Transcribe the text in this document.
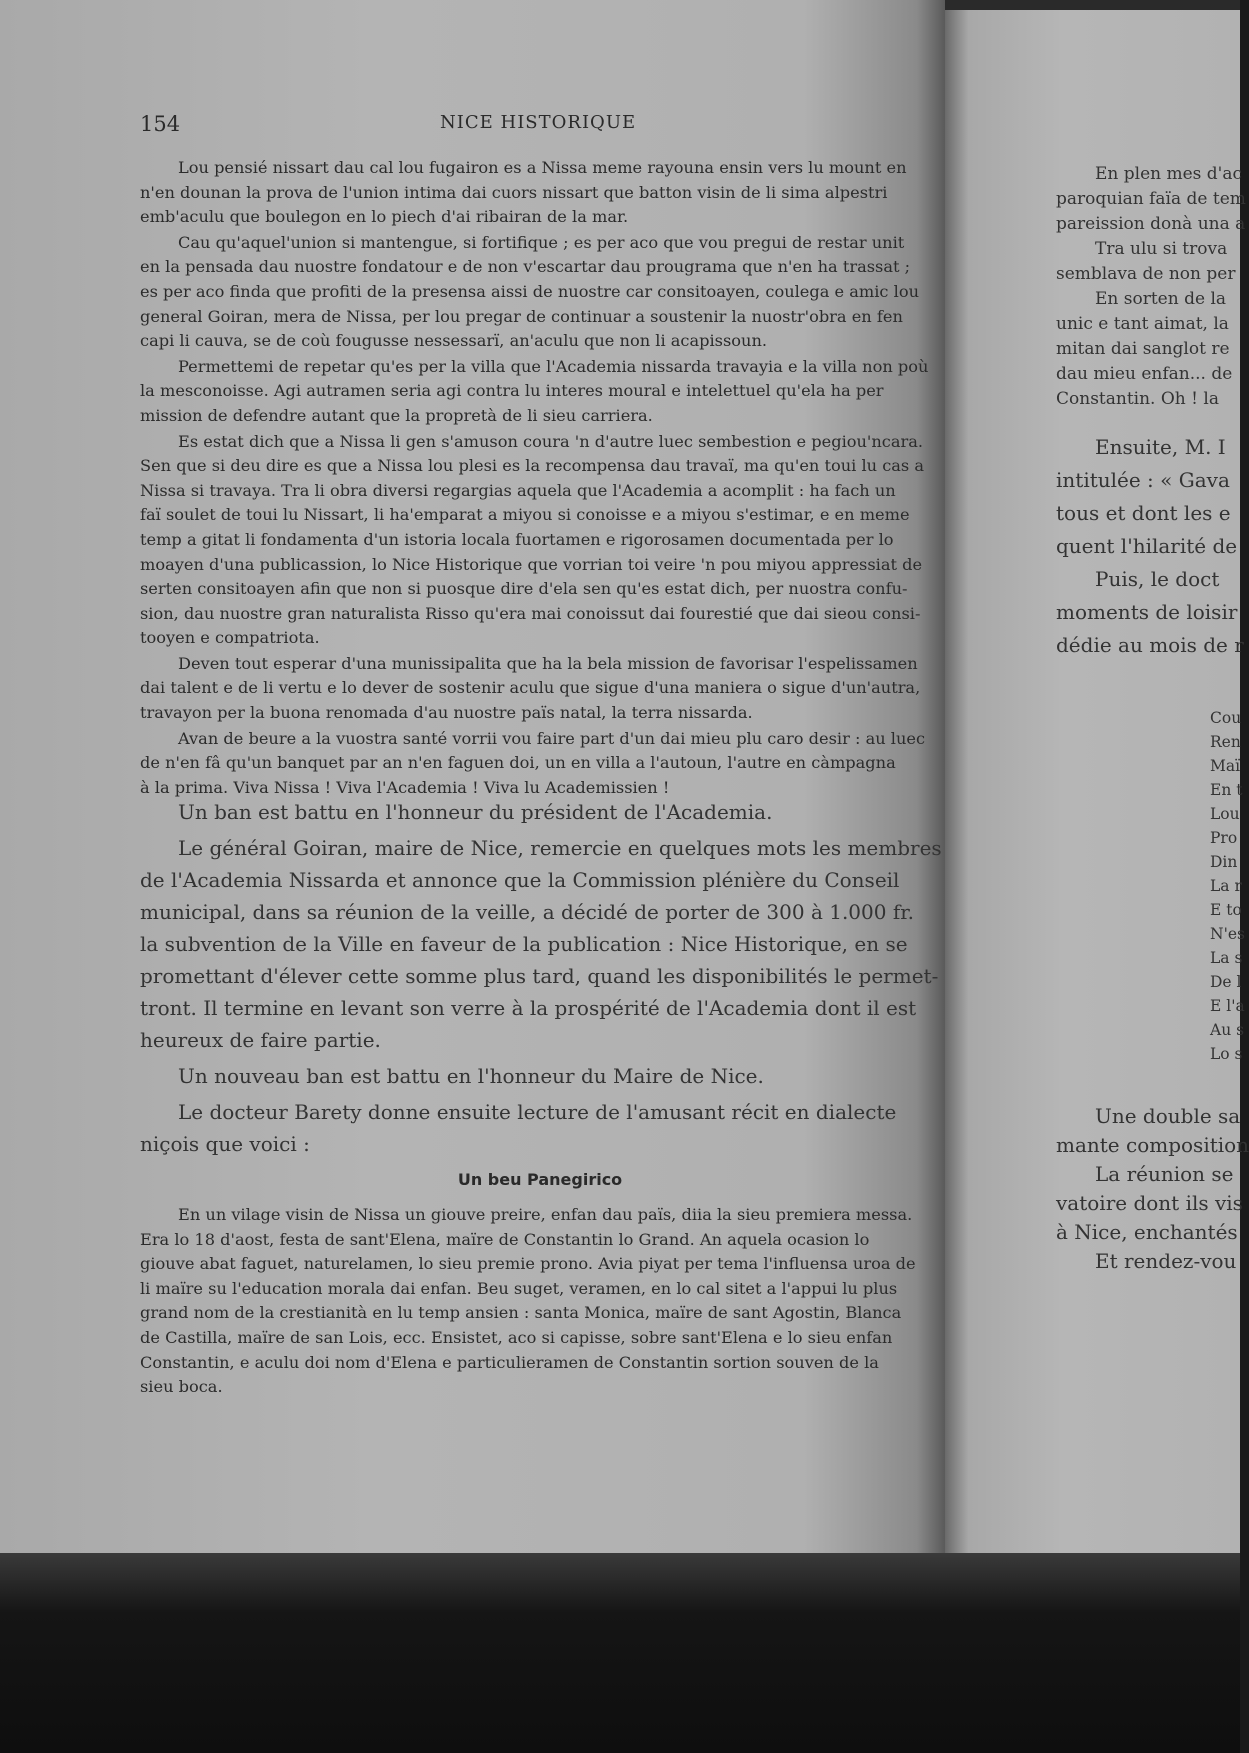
154	NICE HISTORIQUE

Lou pensié nissart dau cal lou fugairon es a Nissa meme rayouna ensin vers lu mount en
n'en dounan la prova de l'union intima dai cuors nissart que batton visin de li sima alpestri
emb'aculu que boulegon en lo piech d'ai ribairan de la mar.

Cau qu'aquel'union si mantengue, si fortifique ; es per aco que vou pregui de restar unit
en la pensada dau nuostre fondatour e de non v'escartar dau prougrama que n'en ha trassat ;
es per aco finda que profiti de la presensa aissi de nuostre car consitoayen, coulega e amic lou
general Goiran, mera de Nissa, per lou pregar de continuar a soustenir la nuostr'obra en fen
capi li cauva, se de coù fougusse nessessarï, an'aculu que non li acapissoun.

Permettemi de repetar qu'es per la villa que l'Academia nissarda travayia e la villa non poù
la mesconoisse. Agi autramen seria agi contra lu interes moural e intelettuel qu'ela ha per
mission de defendre autant que la propretà de li sieu carriera.

Es estat dich que a Nissa li gen s'amuson coura 'n d'autre luec sembestion e pegiou'ncara.
Sen que si deu dire es que a Nissa lou plesi es la recompensa dau travaï, ma qu'en toui lu cas a
Nissa si travaya. Tra li obra diversi regargias aquela que l'Academia a acomplit : ha fach un
faï soulet de toui lu Nissart, li ha'emparat a miyou si conoisse e a miyou s'estimar, e en meme
temp a gitat li fondamenta d'un istoria locala fuortamen e rigorosamen documentada per lo
moayen d'una publicassion, lo Nice Historique que vorrian toi veire 'n pou miyou appressiat de
serten consitoayen afin que non si puosque dire d'ela sen qu'es estat dich, per nuostra confu-
sion, dau nuostre gran naturalista Risso qu'era mai conoissut dai fourestié que dai sieou consi-
tooyen e compatriota.

Deven tout esperar d'una munissipalita que ha la bela mission de favorisar l'espelissamen
dai talent e de li vertu e lo dever de sostenir aculu que sigue d'una maniera o sigue d'un'autra,
travayon per la buona renomada d'au nuostre païs natal, la terra nissarda.

Avan de beure a la vuostra santé vorrii vou faire part d'un dai mieu plu caro desir : au luec
de n'en fâ qu'un banquet par an n'en faguen doi, un en villa a l'autoun, l'autre en càmpagna
à la prima. Viva Nissa ! Viva l'Academia ! Viva lu Academissien !

Un ban est battu en l'honneur du président de l'Academia.

Le général Goiran, maire de Nice, remercie en quelques mots les membres
de l'Academia Nissarda et annonce que la Commission plénière du Conseil
municipal, dans sa réunion de la veille, a décidé de porter de 300 à 1.000 fr.
la subvention de la Ville en faveur de la publication : Nice Historique, en se
promettant d'élever cette somme plus tard, quand les disponibilités le permet-
tront. Il termine en levant son verre à la prospérité de l'Academia dont il est
heureux de faire partie.

Un nouveau ban est battu en l'honneur du Maire de Nice.

Le docteur Barety donne ensuite lecture de l'amusant récit en dialecte
niçois que voici :

Un beu Panegirico

En un vilage visin de Nissa un giouve preire, enfan dau païs, diia la sieu premiera messa.
Era lo 18 d'aost, festa de sant'Elena, maïre de Constantin lo Grand. An aquela ocasion lo
giouve abat faguet, naturelamen, lo sieu premie prono. Avia piyat per tema l'influensa uroa de
li maïre su l'education morala dai enfan. Beu suget, veramen, en lo cal sitet a l'appui lu plus
grand nom de la crestianità en lu temp ansien : santa Monica, maïre de sant Agostin, Blanca
de Castilla, maïre de san Lois, ecc. Ensistet, aco si capisse, sobre sant'Elena e lo sieu enfan
Constantin, e aculu doi nom d'Elena e particulieramen de Constantin sortion souven de la
sieu boca.

En plen mes d'ac
paroquian faïa de tem
pareission donà una a
Tra ulu si trova
semblava de non per
En sorten de la
unic e tant aimat, la
mitan dai sanglot re
dau mieu enfan... de
Constantin. Oh ! la
Ensuite, M. I
intitulée : « Gava
tous et dont les e
quent l'hilarité de
Puis, le doct
moments de loisir
dédie au mois de r
Cou
Ren
Maï
En t
Lou
Pro
Din
La r
E to
N'es
La s
De l
E l'a
Au s
Lo s
Une double sa
mante composition
La réunion se
vatoire dont ils vis
à Nice, enchantés
Et rendez-vou
